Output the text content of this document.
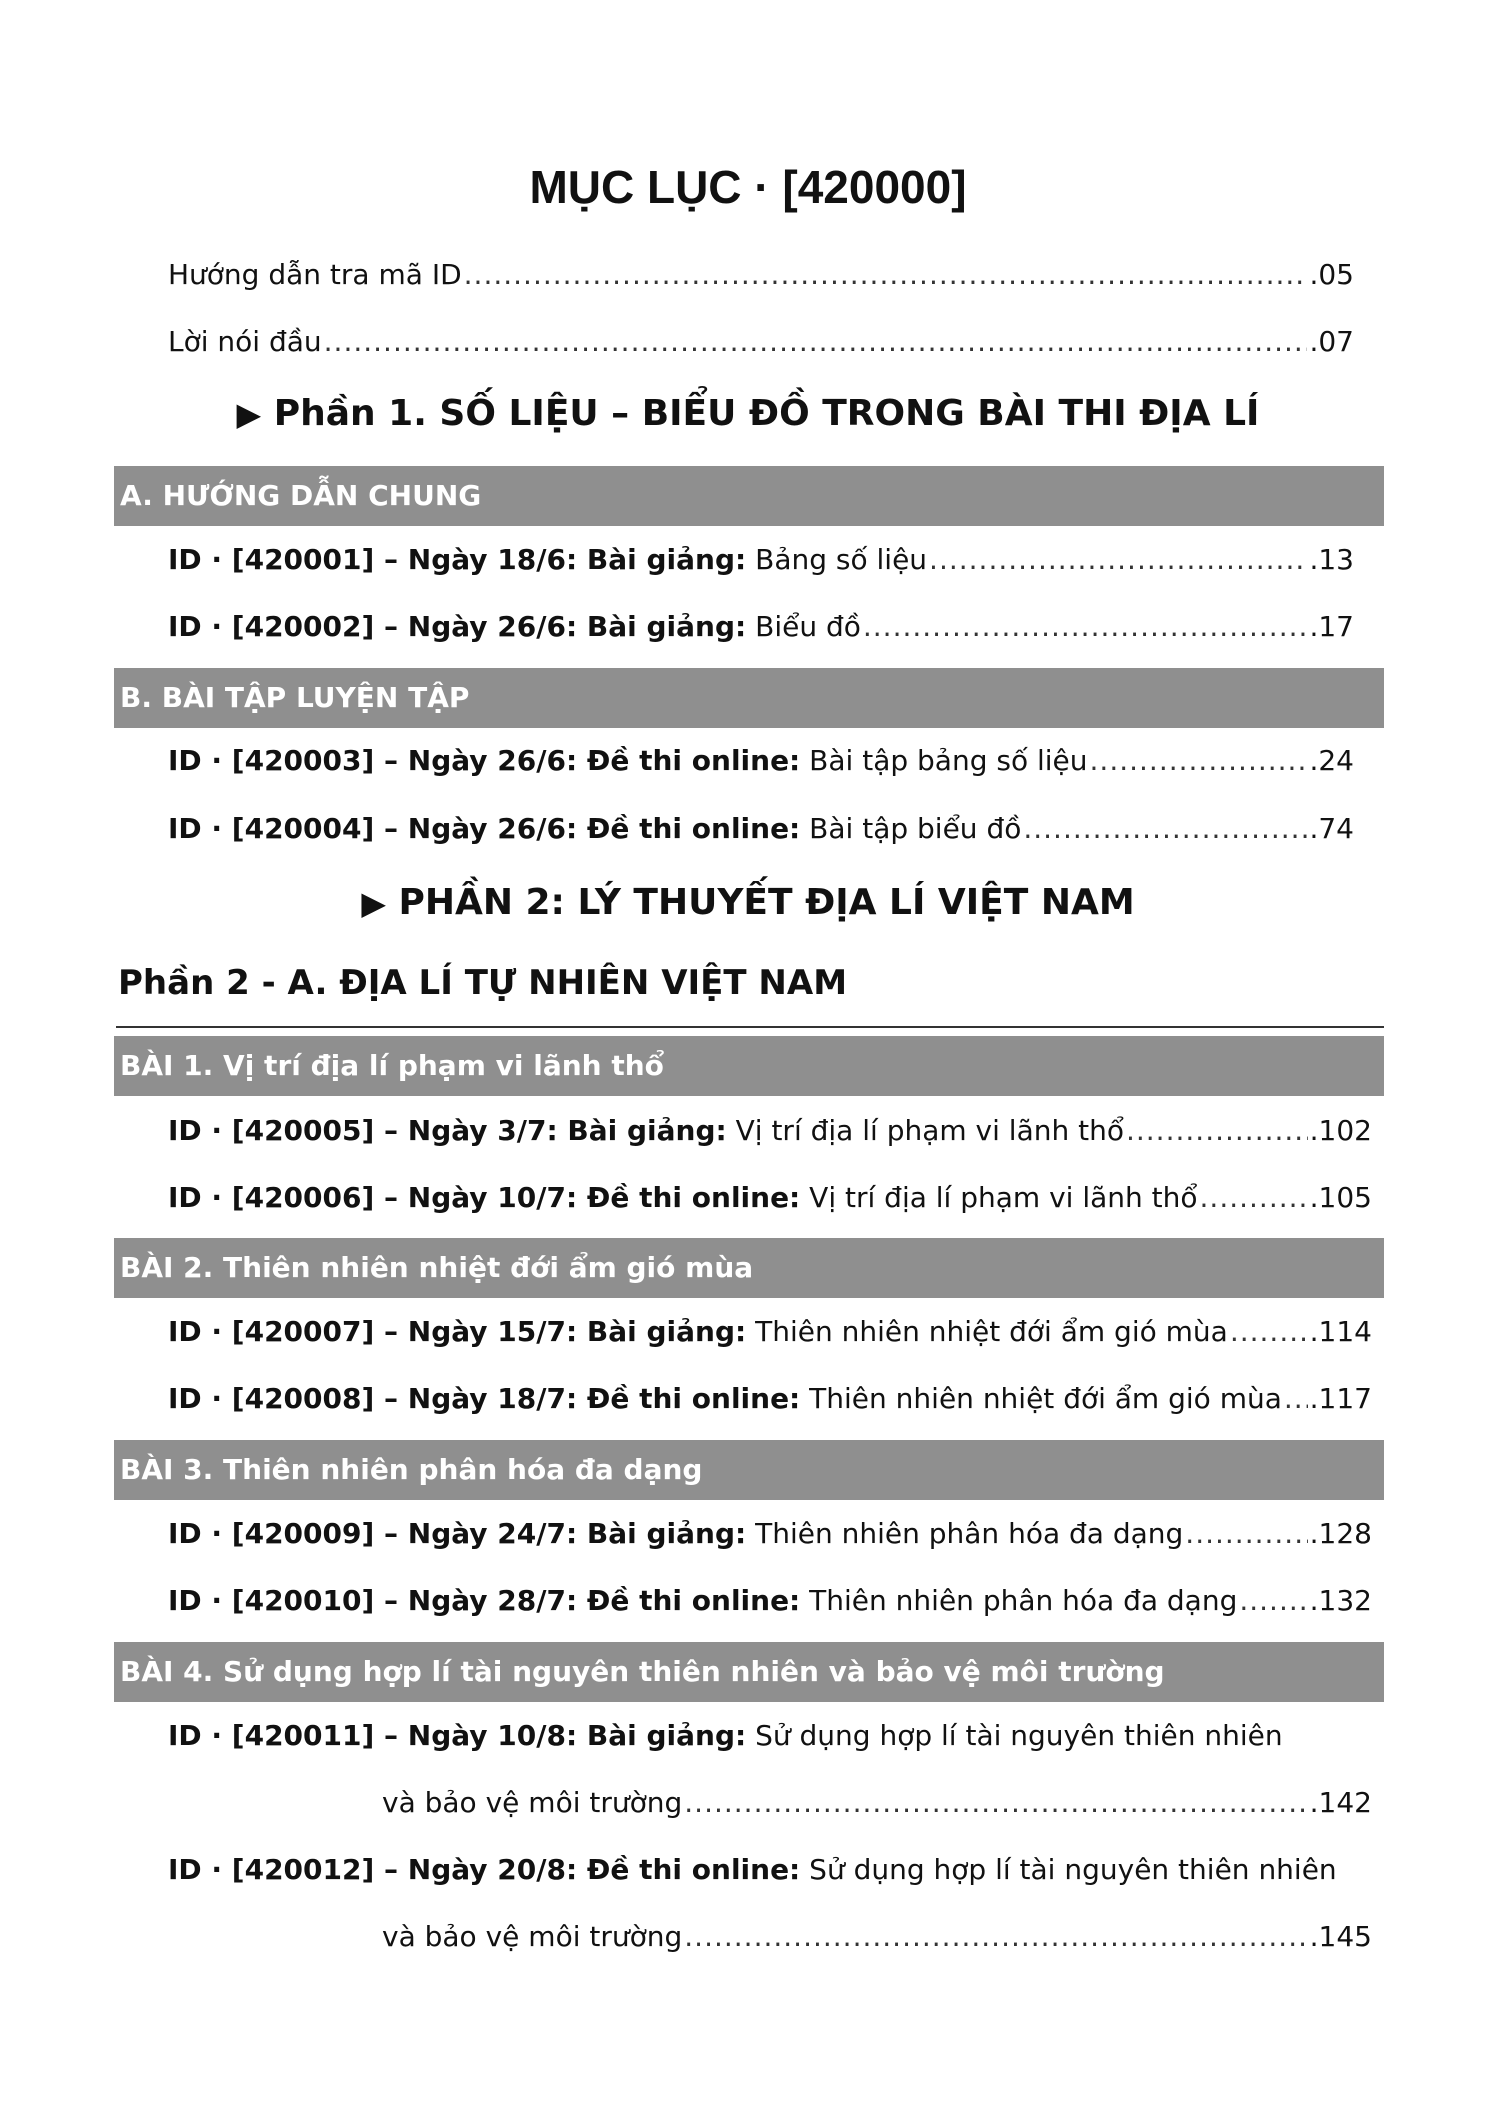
MỤC LỤC · [420000]
Hướng dẫn tra mã ID .....	.05
Lời nói đầu .....	.07
▶ Phần 1. SỐ LIỆU – BIỂU ĐỒ TRONG BÀI THI ĐỊA LÍ
A. HƯỚNG DẪN CHUNG
ID · [420001] – Ngày 18/6: Bài giảng: Bảng số liệu .....	.13
ID · [420002] – Ngày 26/6: Bài giảng: Biểu đồ .....	.17
B. BÀI TẬP LUYỆN TẬP
ID · [420003] – Ngày 26/6: Đề thi online: Bài tập bảng số liệu .....	.24
ID · [420004] – Ngày 26/6: Đề thi online: Bài tập biểu đồ .....	.74
▶ PHẦN 2: LÝ THUYẾT ĐỊA LÍ VIỆT NAM
Phần 2 - A. ĐỊA LÍ TỰ NHIÊN VIỆT NAM
BÀI 1. Vị trí địa lí phạm vi lãnh thổ
ID · [420005] – Ngày 3/7: Bài giảng: Vị trí địa lí phạm vi lãnh thổ .....	.102
ID · [420006] – Ngày 10/7: Đề thi online: Vị trí địa lí phạm vi lãnh thổ .....	.105
BÀI 2. Thiên nhiên nhiệt đới ẩm gió mùa
ID · [420007] – Ngày 15/7: Bài giảng: Thiên nhiên nhiệt đới ẩm gió mùa .....	.114
ID · [420008] – Ngày 18/7: Đề thi online: Thiên nhiên nhiệt đới ẩm gió mùa ..... .117
BÀI 3. Thiên nhiên phân hóa đa dạng
ID · [420009] – Ngày 24/7: Bài giảng: Thiên nhiên phân hóa đa dạng .....	.128
ID · [420010] – Ngày 28/7: Đề thi online: Thiên nhiên phân hóa đa dạng .....	.132
BÀI 4. Sử dụng hợp lí tài nguyên thiên nhiên và bảo vệ môi trường
ID · [420011] – Ngày 10/8: Bài giảng: Sử dụng hợp lí tài nguyên thiên nhiên
và bảo vệ môi trường .....	.142
ID · [420012] – Ngày 20/8: Đề thi online: Sử dụng hợp lí tài nguyên thiên nhiên
và bảo vệ môi trường .....	.145
